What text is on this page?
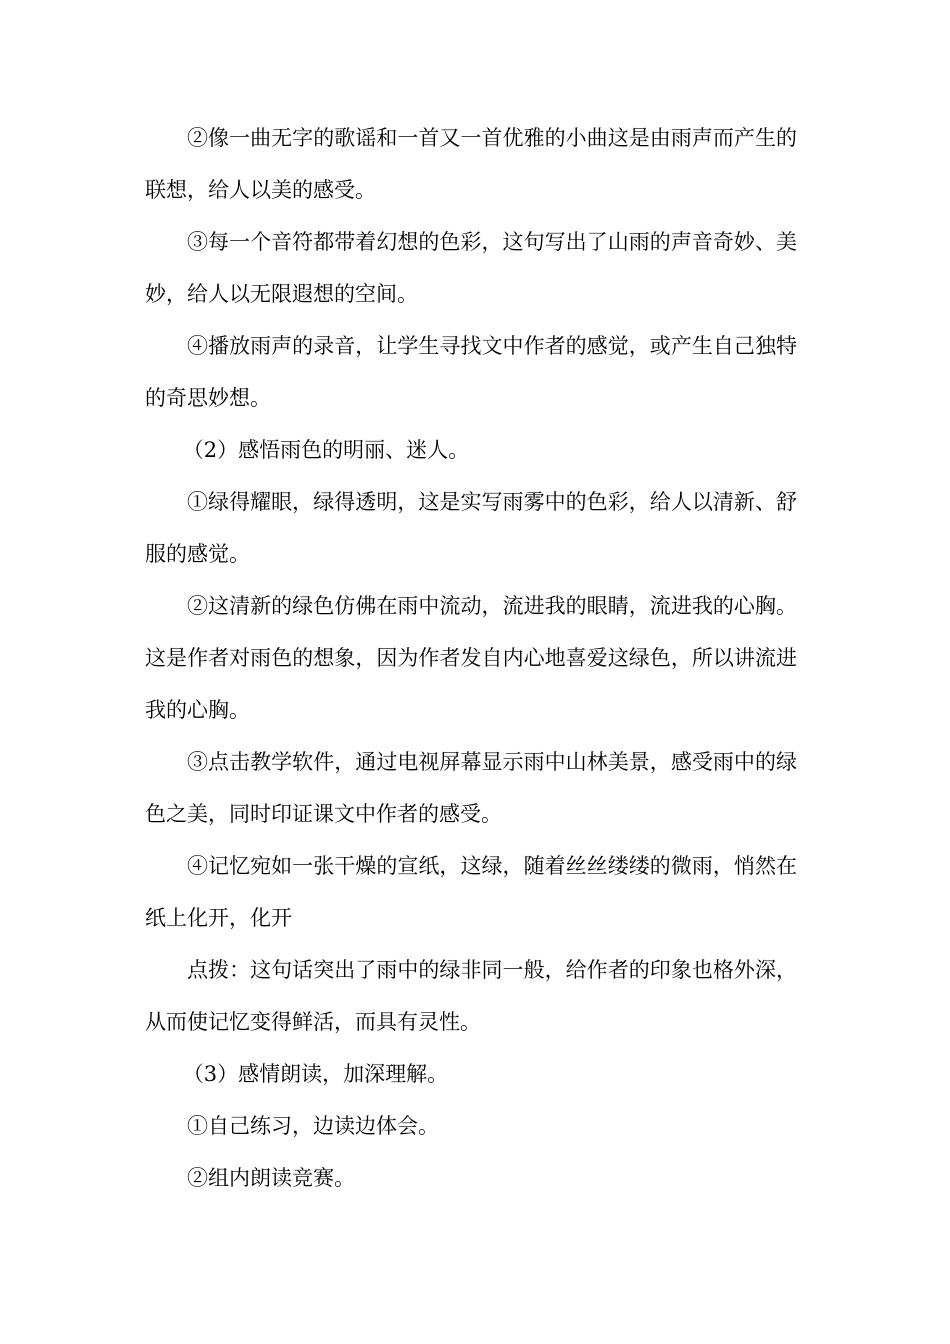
②像一曲无字的歌谣和一首又一首优雅的小曲这是由雨声而产生的联想，给人以美的感受。

③每一个音符都带着幻想的色彩，这句写出了山雨的声音奇妙、美妙，给人以无限遐想的空间。

④播放雨声的录音，让学生寻找文中作者的感觉，或产生自己独特的奇思妙想。

（2）感悟雨色的明丽、迷人。

①绿得耀眼，绿得透明，这是实写雨雾中的色彩，给人以清新、舒服的感觉。

②这清新的绿色仿佛在雨中流动，流进我的眼睛，流进我的心胸。这是作者对雨色的想象，因为作者发自内心地喜爱这绿色，所以讲流进我的心胸。

③点击教学软件，通过电视屏幕显示雨中山林美景，感受雨中的绿色之美，同时印证课文中作者的感受。

④记忆宛如一张干燥的宣纸，这绿，随着丝丝缕缕的微雨，悄然在纸上化开，化开

点拨：这句话突出了雨中的绿非同一般，给作者的印象也格外深，从而使记忆变得鲜活，而具有灵性。

（3）感情朗读，加深理解。

①自己练习，边读边体会。

②组内朗读竞赛。
